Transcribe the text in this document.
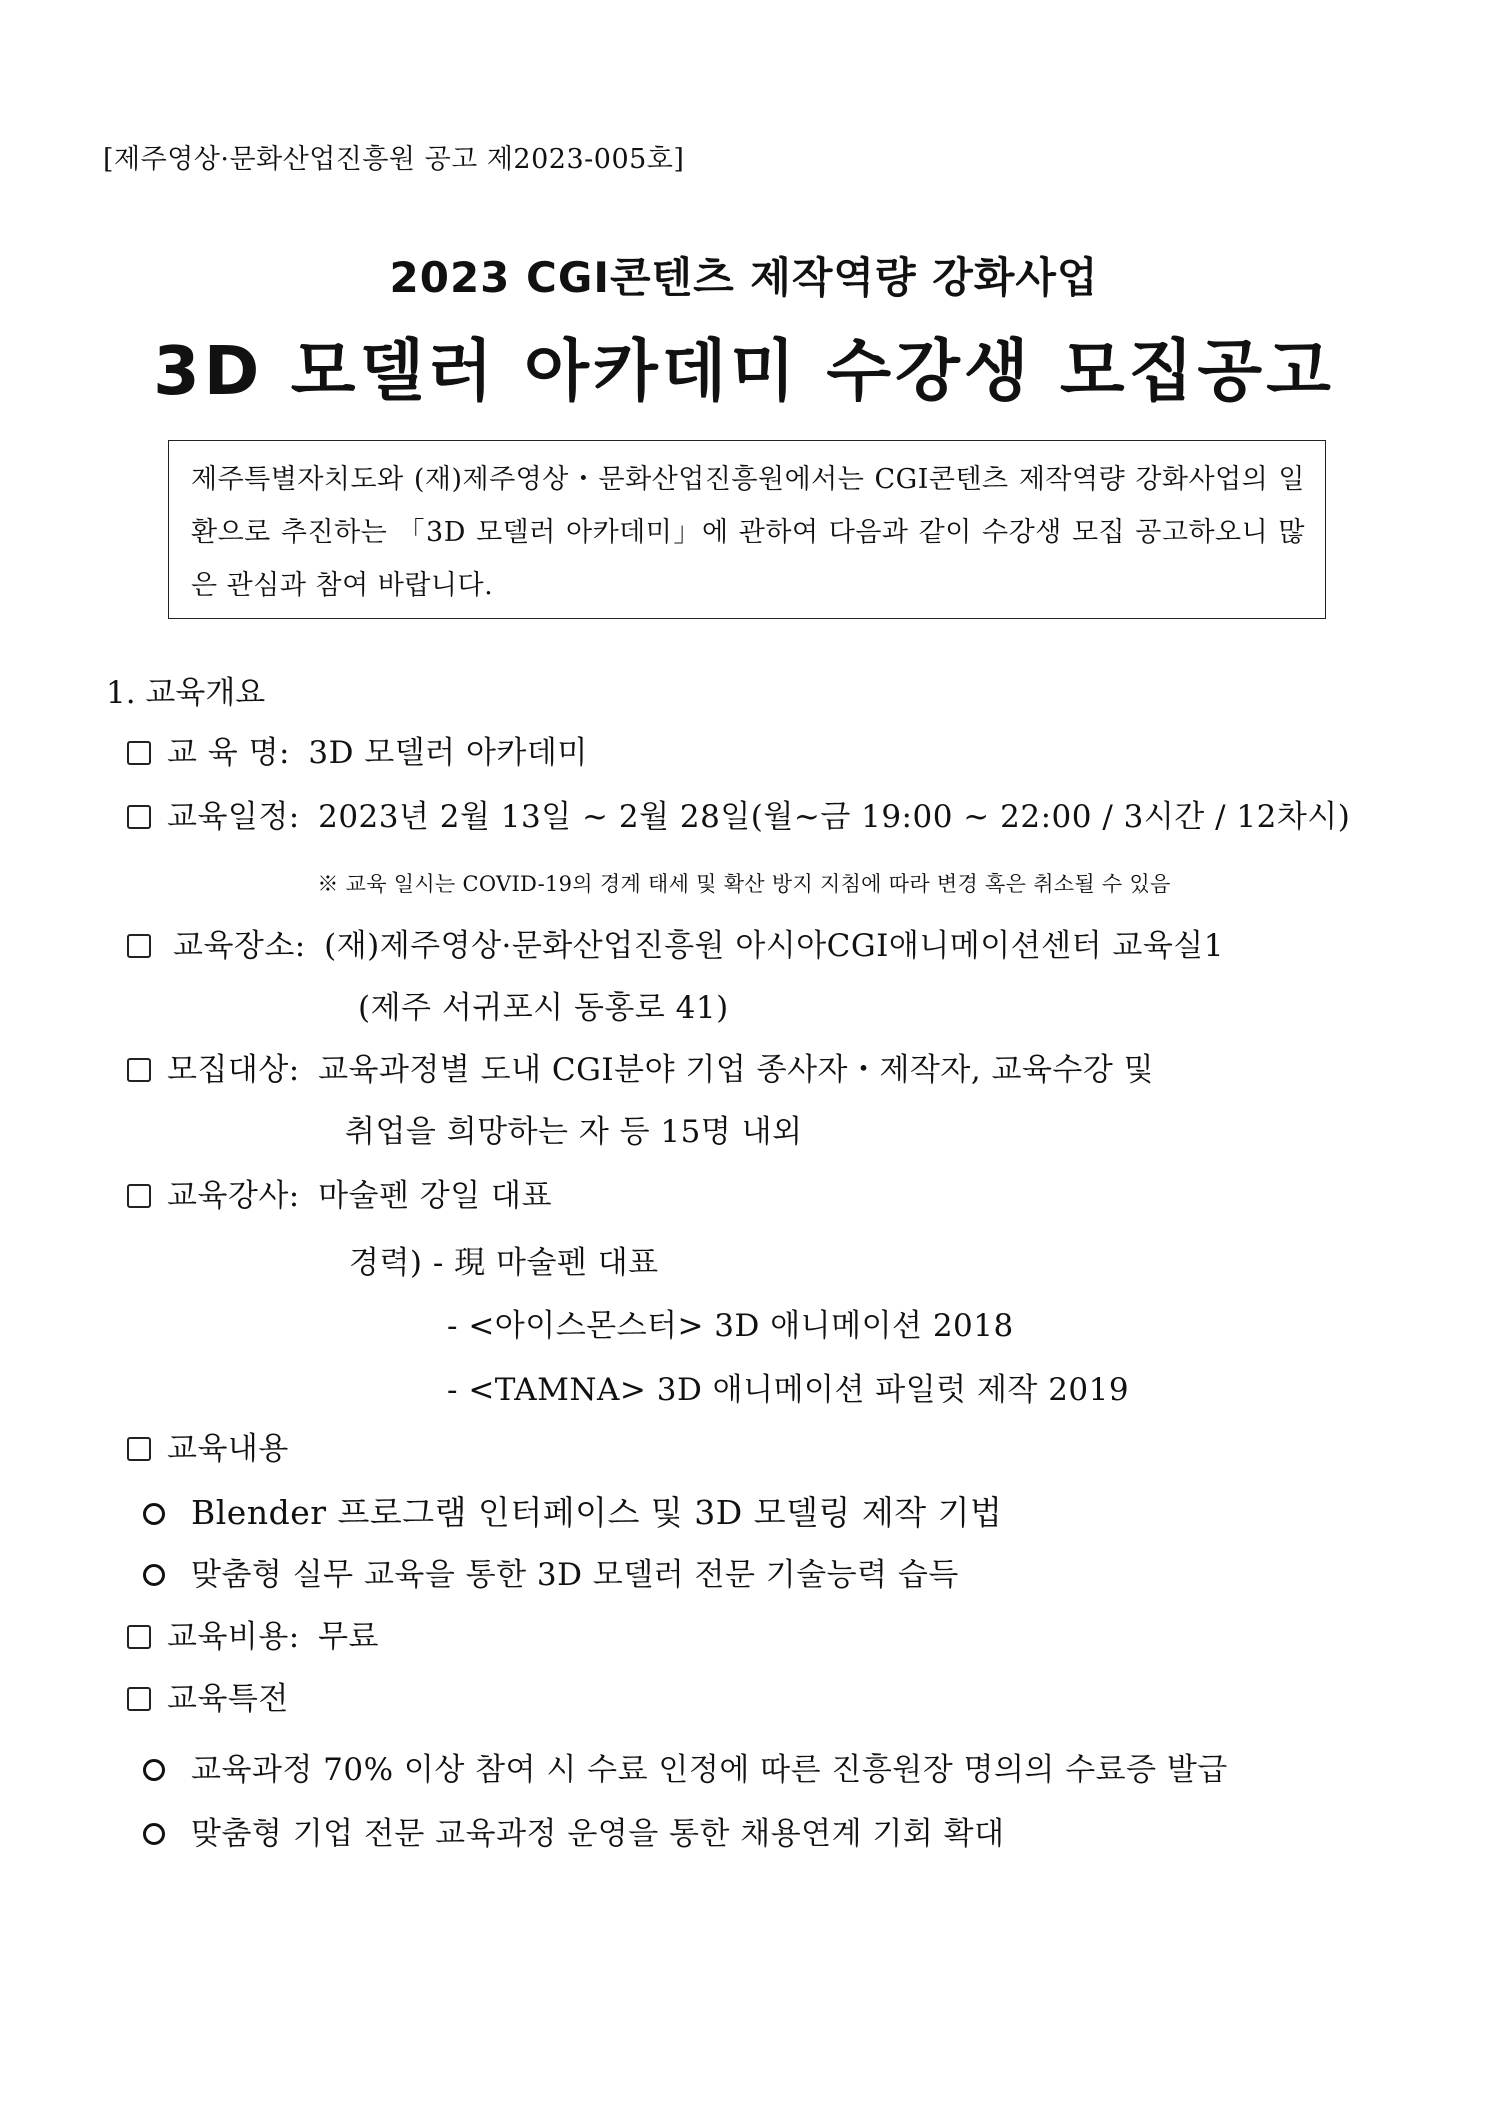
[제주영상·문화산업진흥원 공고 제2023-005호]
2023 CGI콘텐츠 제작역량 강화사업
3D 모델러 아카데미 수강생 모집공고

제주특별자치도와 (재)제주영상・문화산업진흥원에서는 CGI콘텐츠 제작역량 강화사업의 일환으로 추진하는 「3D 모델러 아카데미」에 관하여 다음과 같이 수강생 모집 공고하오니 많은 관심과 참여 바랍니다.

1. 교육개요
교 육 명: 3D 모델러 아카데미
교육일정: 2023년 2월 13일 ~ 2월 28일(월~금 19:00 ~ 22:00 / 3시간 / 12차시)
※ 교육 일시는 COVID-19의 경계 태세 및 확산 방지 지침에 따라 변경 혹은 취소될 수 있음
교육장소: (재)제주영상·문화산업진흥원 아시아CGI애니메이션센터 교육실1
(제주 서귀포시 동홍로 41)
모집대상: 교육과정별 도내 CGI분야 기업 종사자・제작자, 교육수강 및
취업을 희망하는 자 등 15명 내외
교육강사: 마술펜 강일 대표
경력) - 現 마술펜 대표
- <아이스몬스터> 3D 애니메이션 2018
- <TAMNA> 3D 애니메이션 파일럿 제작 2019
교육내용
Blender 프로그램 인터페이스 및 3D 모델링 제작 기법
맞춤형 실무 교육을 통한 3D 모델러 전문 기술능력 습득
교육비용: 무료
교육특전
교육과정 70% 이상 참여 시 수료 인정에 따른 진흥원장 명의의 수료증 발급
맞춤형 기업 전문 교육과정 운영을 통한 채용연계 기회 확대
